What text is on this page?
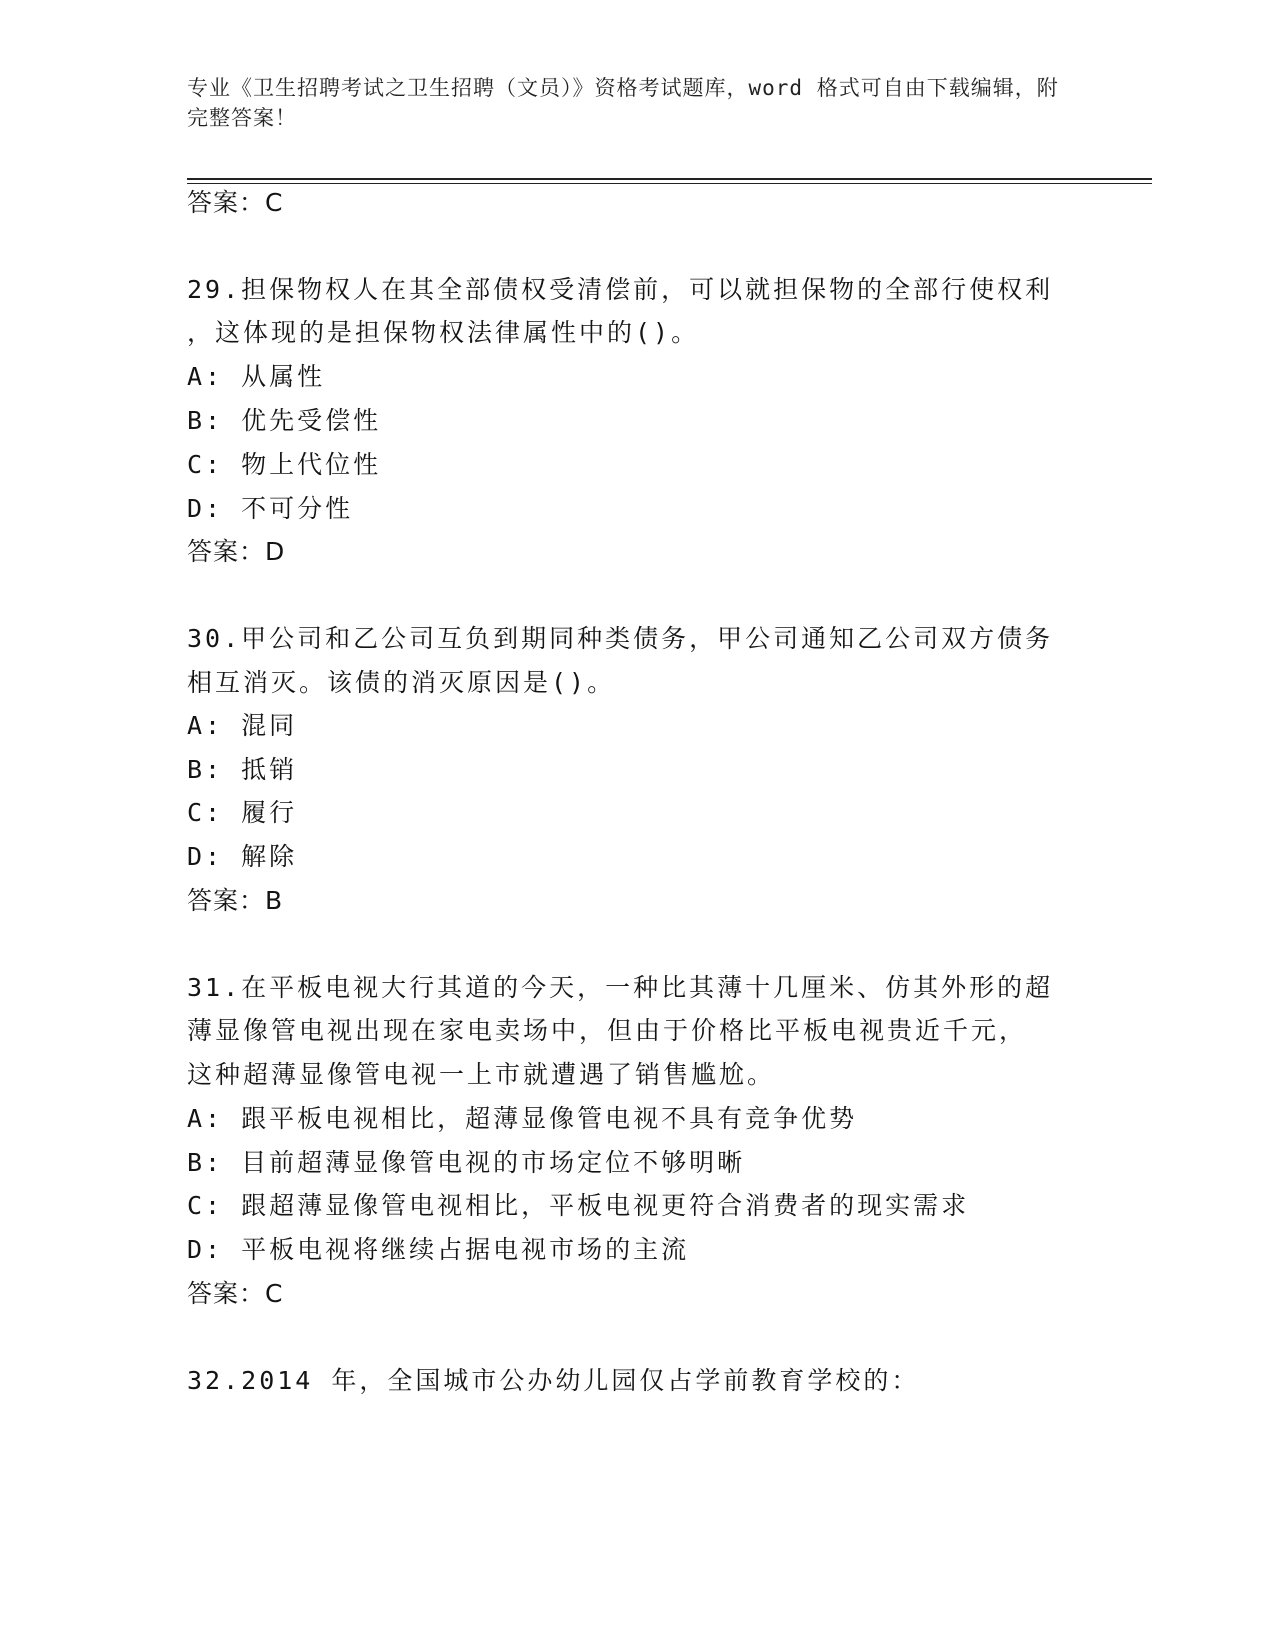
专业《卫生招聘考试之卫生招聘（文员）》资格考试题库，word 格式可自由下载编辑，附完整答案！
答案：C
29.担保物权人在其全部债权受清偿前，可以就担保物的全部行使权利
，这体现的是担保物权法律属性中的()。
A: 从属性
B: 优先受偿性
C: 物上代位性
D: 不可分性
答案：D
30.甲公司和乙公司互负到期同种类债务，甲公司通知乙公司双方债务
相互消灭。该债的消灭原因是()。
A: 混同
B: 抵销
C: 履行
D: 解除
答案：B
31.在平板电视大行其道的今天，一种比其薄十几厘米、仿其外形的超
薄显像管电视出现在家电卖场中，但由于价格比平板电视贵近千元，
这种超薄显像管电视一上市就遭遇了销售尴尬。
A: 跟平板电视相比，超薄显像管电视不具有竞争优势
B: 目前超薄显像管电视的市场定位不够明晰
C: 跟超薄显像管电视相比，平板电视更符合消费者的现实需求
D: 平板电视将继续占据电视市场的主流
答案：C
32.2014 年，全国城市公办幼儿园仅占学前教育学校的：
